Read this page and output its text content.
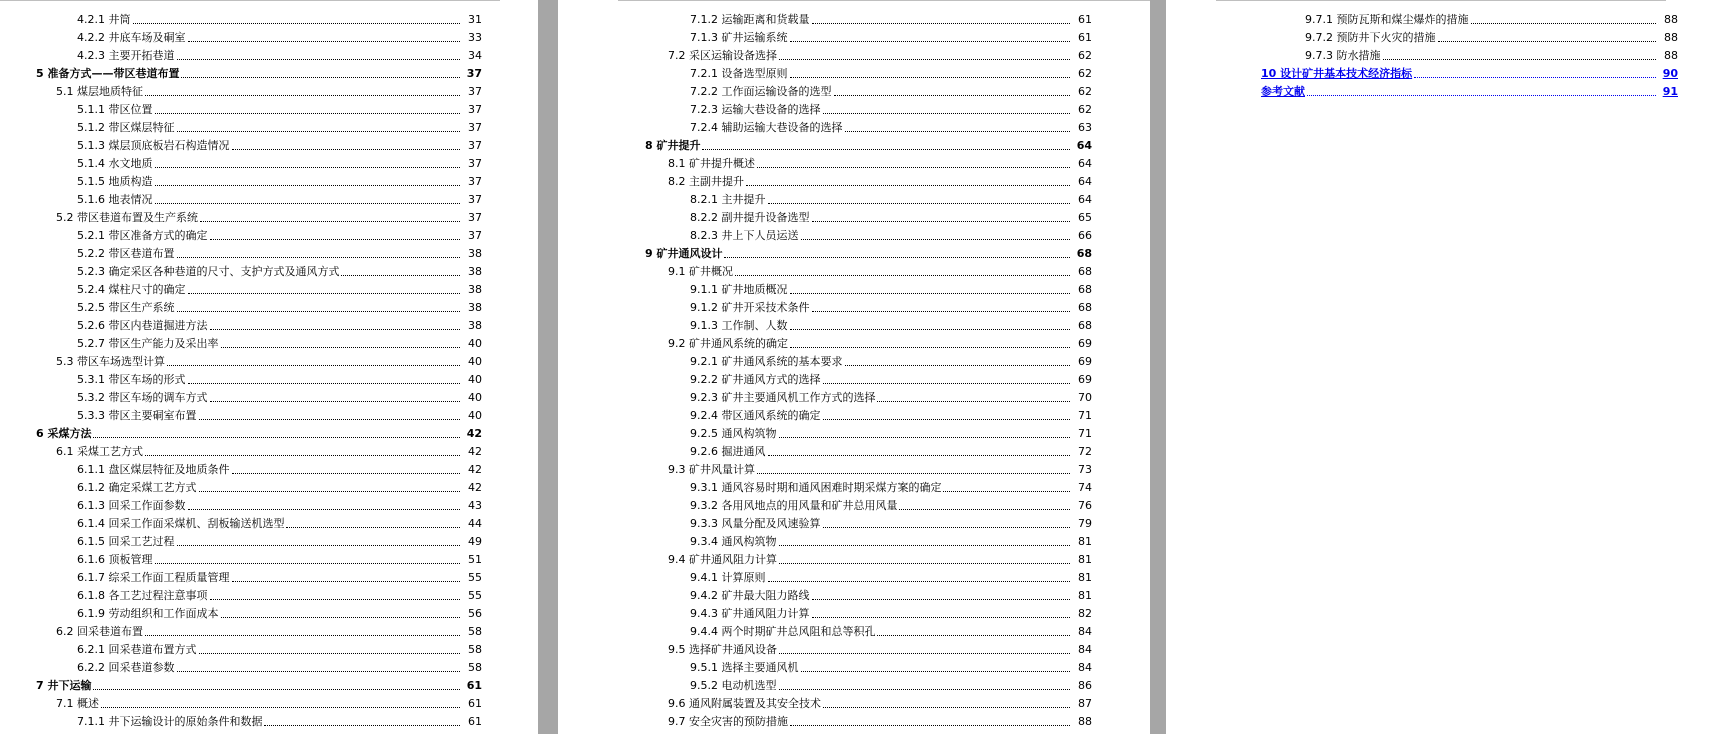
4.2.1 井筒	31
4.2.2 井底车场及硐室	33
4.2.3 主要开拓巷道	34
5 准备方式——带区巷道布置	37
5.1 煤层地质特征	37
5.1.1 带区位置	37
5.1.2 带区煤层特征	37
5.1.3 煤层顶底板岩石构造情况	37
5.1.4 水文地质	37
5.1.5 地质构造	37
5.1.6 地表情况	37
5.2 带区巷道布置及生产系统	37
5.2.1 带区准备方式的确定	37
5.2.2 带区巷道布置	38
5.2.3 确定采区各种巷道的尺寸、支护方式及通风方式	38
5.2.4 煤柱尺寸的确定	38
5.2.5 带区生产系统	38
5.2.6 带区内巷道掘进方法	38
5.2.7 带区生产能力及采出率	40
5.3 带区车场选型计算	40
5.3.1 带区车场的形式	40
5.3.2 带区车场的调车方式	40
5.3.3 带区主要硐室布置	40
6 采煤方法	42
6.1 采煤工艺方式	42
6.1.1 盘区煤层特征及地质条件	42
6.1.2 确定采煤工艺方式	42
6.1.3 回采工作面参数	43
6.1.4 回采工作面采煤机、刮板输送机选型	44
6.1.5 回采工艺过程	49
6.1.6 顶板管理	51
6.1.7 综采工作面工程质量管理	55
6.1.8 各工艺过程注意事项	55
6.1.9 劳动组织和工作面成本	56
6.2 回采巷道布置	58
6.2.1 回采巷道布置方式	58
6.2.2 回采巷道参数	58
7 井下运输	61
7.1 概述	61
7.1.1 井下运输设计的原始条件和数据	61
7.1.2 运输距离和货载量	61
7.1.3 矿井运输系统	61
7.2 采区运输设备选择	62
7.2.1 设备选型原则	62
7.2.2 工作面运输设备的选型	62
7.2.3 运输大巷设备的选择	62
7.2.4 辅助运输大巷设备的选择	63
8 矿井提升	64
8.1 矿井提升概述	64
8.2 主副井提升	64
8.2.1 主井提升	64
8.2.2 副井提升设备选型	65
8.2.3 井上下人员运送	66
9 矿井通风设计	68
9.1 矿井概况	68
9.1.1 矿井地质概况	68
9.1.2 矿井开采技术条件	68
9.1.3 工作制、人数	68
9.2 矿井通风系统的确定	69
9.2.1 矿井通风系统的基本要求	69
9.2.2 矿井通风方式的选择	69
9.2.3 矿井主要通风机工作方式的选择	70
9.2.4 带区通风系统的确定	71
9.2.5 通风构筑物	71
9.2.6 掘进通风	72
9.3 矿井风量计算	73
9.3.1 通风容易时期和通风困难时期采煤方案的确定	74
9.3.2 各用风地点的用风量和矿井总用风量	76
9.3.3 风量分配及风速验算	79
9.3.4 通风构筑物	81
9.4 矿井通风阻力计算	81
9.4.1 计算原则	81
9.4.2 矿井最大阻力路线	81
9.4.3 矿井通风阻力计算	82
9.4.4 两个时期矿井总风阻和总等积孔	84
9.5 选择矿井通风设备	84
9.5.1 选择主要通风机	84
9.5.2 电动机选型	86
9.6 通风附属装置及其安全技术	87
9.7 安全灾害的预防措施	88
9.7.1 预防瓦斯和煤尘爆炸的措施	88
9.7.2 预防井下火灾的措施	88
9.7.3 防水措施	88
10 设计矿井基本技术经济指标	90
参考文献	91
